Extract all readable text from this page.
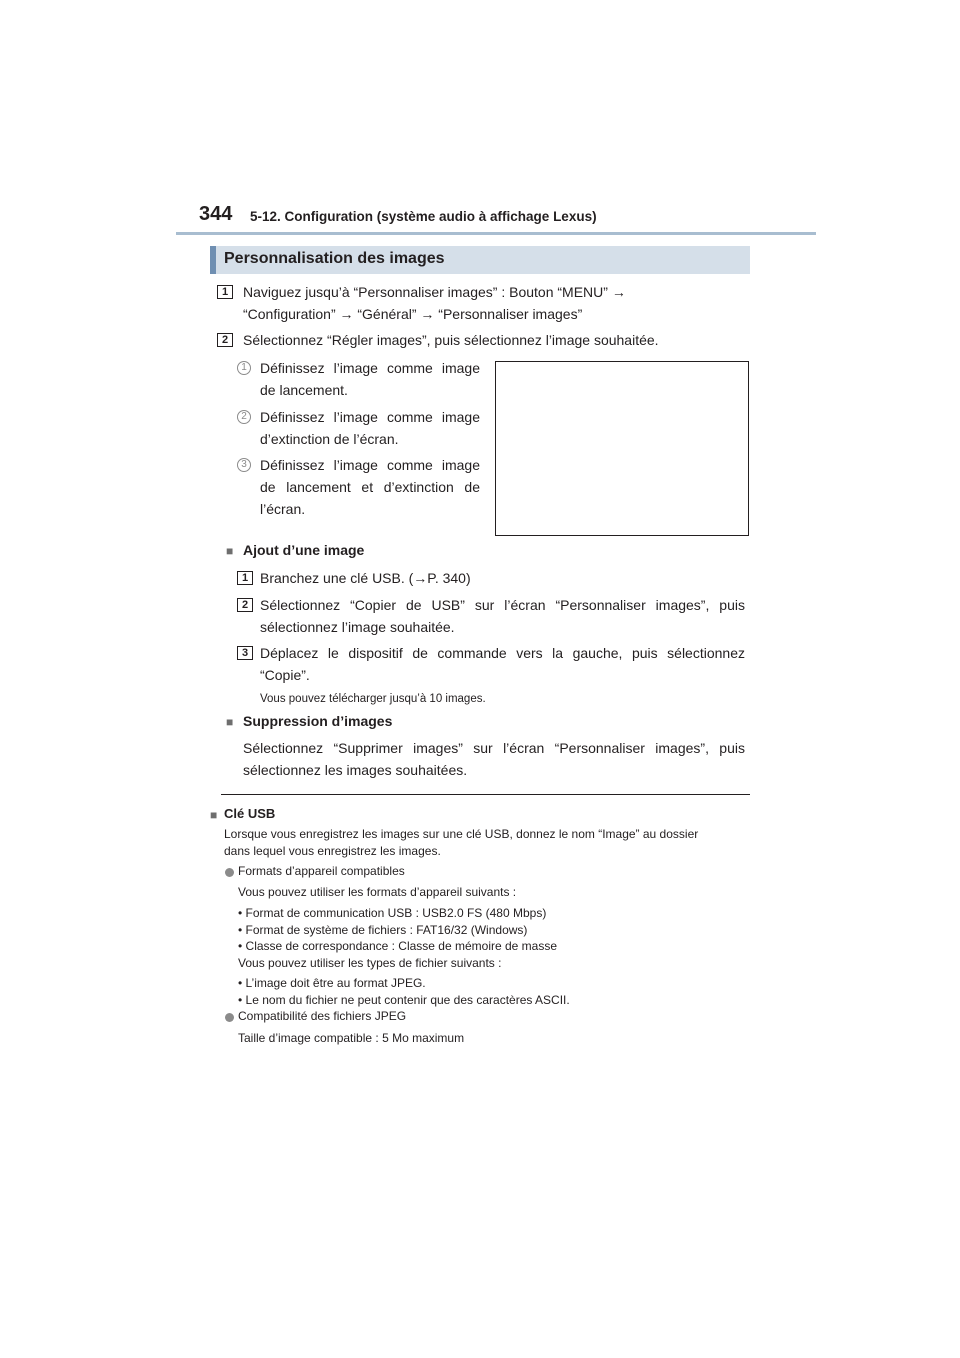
344 5-12. Configuration (système audio à affichage Lexus)
Personnalisation des images
1	Naviguez jusqu’à “Personnaliser images” : Bouton “MENU” →
“Configuration” → “Général” → “Personnaliser images”
2	Sélectionnez “Régler images”, puis sélectionnez l’image souhaitée.
1 Définissez l’image comme image
de lancement.
2 Définissez l’image comme image
d’extinction de l’écran.
3 Définissez l’image comme image
de lancement et d’extinction de
l’écran.
■ Ajout d’une image
1 Branchez une clé USB. (→P. 340)
2 Sélectionnez “Copier de USB” sur l’écran “Personnaliser images”, puis
sélectionnez l’image souhaitée.
3 Déplacez le dispositif de commande vers la gauche, puis sélectionnez
“Copie”.
Vous pouvez télécharger jusqu’à 10 images.
■ Suppression d’images
Sélectionnez “Supprimer images” sur l’écran “Personnaliser images”, puis
sélectionnez les images souhaitées.
■ Clé USB
Lorsque vous enregistrez les images sur une clé USB, donnez le nom “Image” au dossier
dans lequel vous enregistrez les images.
Formats d’appareil compatibles
Vous pouvez utiliser les formats d’appareil suivants :
• Format de communication USB : USB2.0 FS (480 Mbps)
• Format de système de fichiers : FAT16/32 (Windows)
• Classe de correspondance : Classe de mémoire de masse
Vous pouvez utiliser les types de fichier suivants :
• L’image doit être au format JPEG.
• Le nom du fichier ne peut contenir que des caractères ASCII.
Compatibilité des fichiers JPEG
Taille d’image compatible : 5 Mo maximum
